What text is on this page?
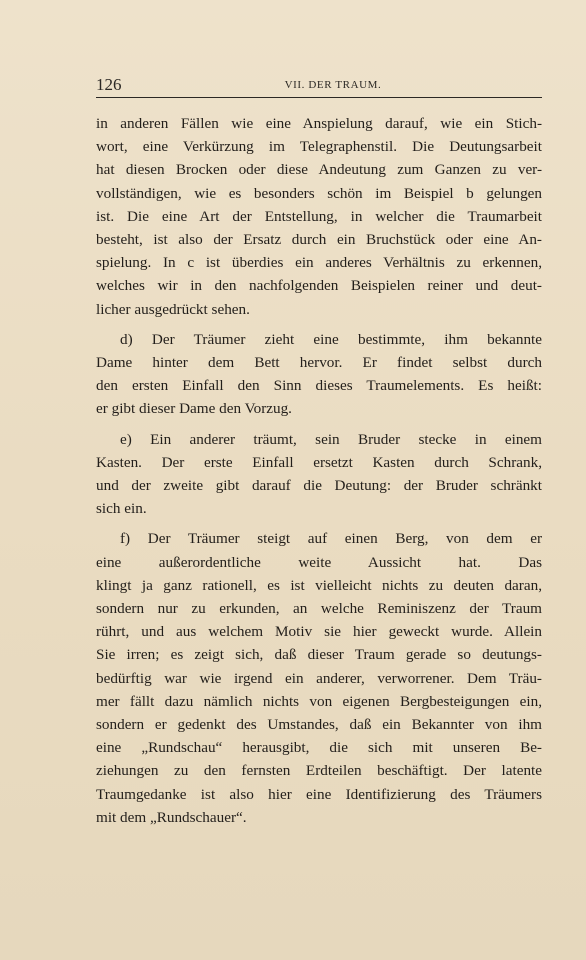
126	VII. DER TRAUM.

in anderen Fällen wie eine Anspielung darauf, wie ein Stich-
wort, eine Verkürzung im Telegraphenstil. Die Deutungsarbeit
hat diesen Brocken oder diese Andeutung zum Ganzen zu ver-
vollständigen, wie es besonders schön im Beispiel b gelungen
ist. Die eine Art der Entstellung, in welcher die Traumarbeit
besteht, ist also der Ersatz durch ein Bruchstück oder eine An-
spielung. In c ist überdies ein anderes Verhältnis zu erkennen,
welches wir in den nachfolgenden Beispielen reiner und deut-
licher ausgedrückt sehen.

d) Der Träumer zieht eine bestimmte, ihm bekannte
Dame hinter dem Bett hervor. Er findet selbst durch
den ersten Einfall den Sinn dieses Traumelements. Es heißt:
er gibt dieser Dame den Vorzug.

e) Ein anderer träumt, sein Bruder stecke in einem
Kasten. Der erste Einfall ersetzt Kasten durch Schrank,
und der zweite gibt darauf die Deutung: der Bruder schränkt
sich ein.

f) Der Träumer steigt auf einen Berg, von dem er
eine außerordentliche weite Aussicht hat. Das
klingt ja ganz rationell, es ist vielleicht nichts zu deuten daran,
sondern nur zu erkunden, an welche Reminiszenz der Traum
rührt, und aus welchem Motiv sie hier geweckt wurde. Allein
Sie irren; es zeigt sich, daß dieser Traum gerade so deutungs-
bedürftig war wie irgend ein anderer, verworrener. Dem Träu-
mer fällt dazu nämlich nichts von eigenen Bergbesteigungen ein,
sondern er gedenkt des Umstandes, daß ein Bekannter von ihm
eine „Rundschau“ herausgibt, die sich mit unseren Be-
ziehungen zu den fernsten Erdteilen beschäftigt. Der latente
Traumgedanke ist also hier eine Identifizierung des Träumers
mit dem „Rundschauer“.
